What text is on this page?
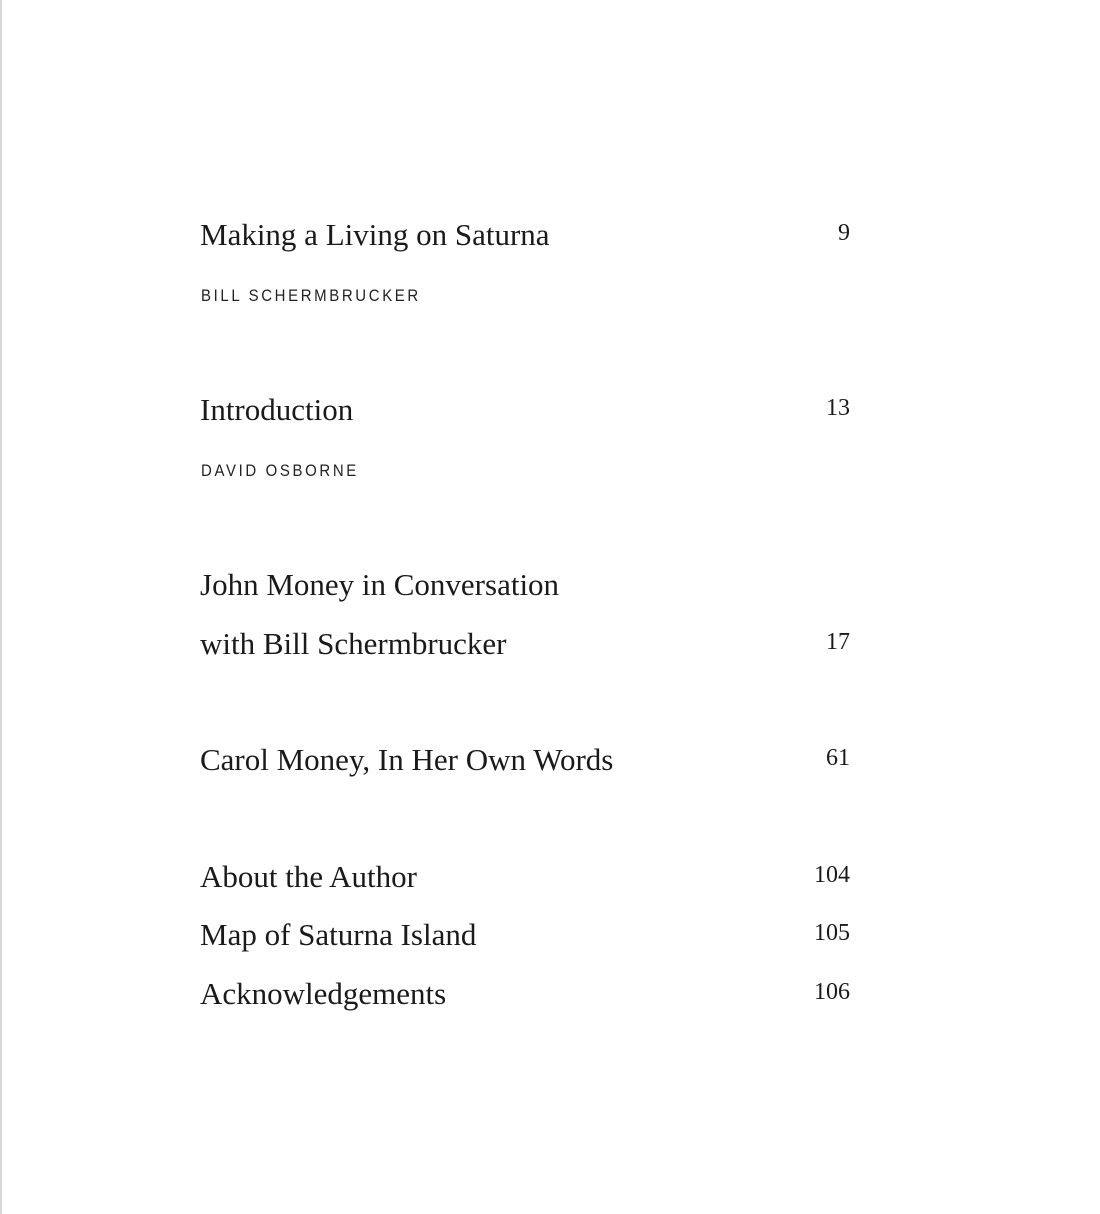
Making a Living on Saturna	9
BILL SCHERMBRUCKER
Introduction	13
DAVID OSBORNE
John Money in Conversation
with Bill Schermbrucker	17
Carol Money, In Her Own Words	61
About the Author	104
Map of Saturna Island	105
Acknowledgements	106
